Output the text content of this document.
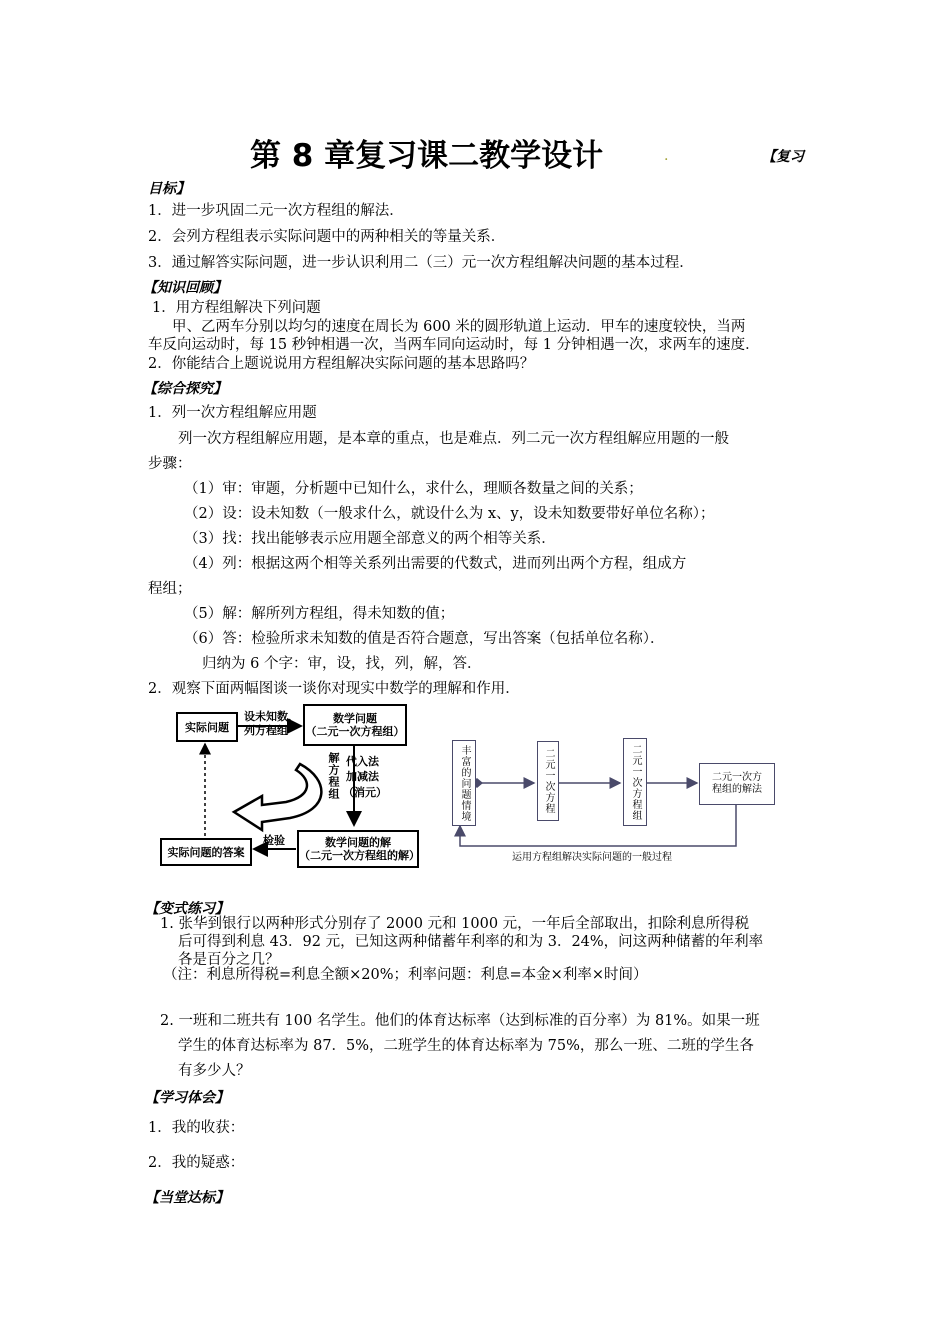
第 8 章复习课二教学设计	.	【复习
目标】
1．进一步巩固二元一次方程组的解法．
2．会列方程组表示实际问题中的两种相关的等量关系．
3．通过解答实际问题，进一步认识利用二（三）元一次方程组解决问题的基本过程．
【知识回顾】
1．用方程组解决下列问题
甲、乙两车分别以均匀的速度在周长为 600 米的圆形轨道上运动．甲车的速度较快，当两
车反向运动时，每 15 秒钟相遇一次，当两车同向运动时，每 1 分钟相遇一次，求两车的速度．
2．你能结合上题说说用方程组解决实际问题的基本思路吗？
【综合探究】
1．列一次方程组解应用题
列一次方程组解应用题，是本章的重点，也是难点．列二元一次方程组解应用题的一般
步骤：
（1）审：审题，分析题中已知什么，求什么，理顺各数量之间的关系；
（2）设：设未知数（一般求什么，就设什么为 x、y，设未知数要带好单位名称）；
（3）找：找出能够表示应用题全部意义的两个相等关系．
（4）列：根据这两个相等关系列出需要的代数式，进而列出两个方程，组成方
程组；
（5）解：解所列方程组，得未知数的值；
（6）答：检验所求未知数的值是否符合题意，写出答案（包括单位名称）．
归纳为 6 个字：审，设，找，列，解，答．
2．观察下面两幅图谈一谈你对现实中数学的理解和作用．
实际问题
设未知数，
列方程组
数学问题
（二元一次方程组）
解方程组 代入法
加减法
（消元）
数学问题的解
（二元一次方程组的解）
检验
实际问题的答案
丰富的问题情境	二元一次方程	二元一次方程组	二元一次方
程组的解法
运用方程组解决实际问题的一般过程
【变式练习】
1. 张华到银行以两种形式分别存了 2000 元和 1000 元，一年后全部取出，扣除利息所得税
后可得到利息 43．92 元，已知这两种储蓄年利率的和为 3．24%，问这两种储蓄的年利率
各是百分之几？
（注：利息所得税=利息全额×20%；利率问题：利息=本金×利率×时间）
2. 一班和二班共有 100 名学生。他们的体育达标率（达到标准的百分率）为 81%。如果一班
学生的体育达标率为 87．5%，二班学生的体育达标率为 75%，那么一班、二班的学生各
有多少人？
【学习体会】
1．我的收获：
2．我的疑惑：
【当堂达标】
